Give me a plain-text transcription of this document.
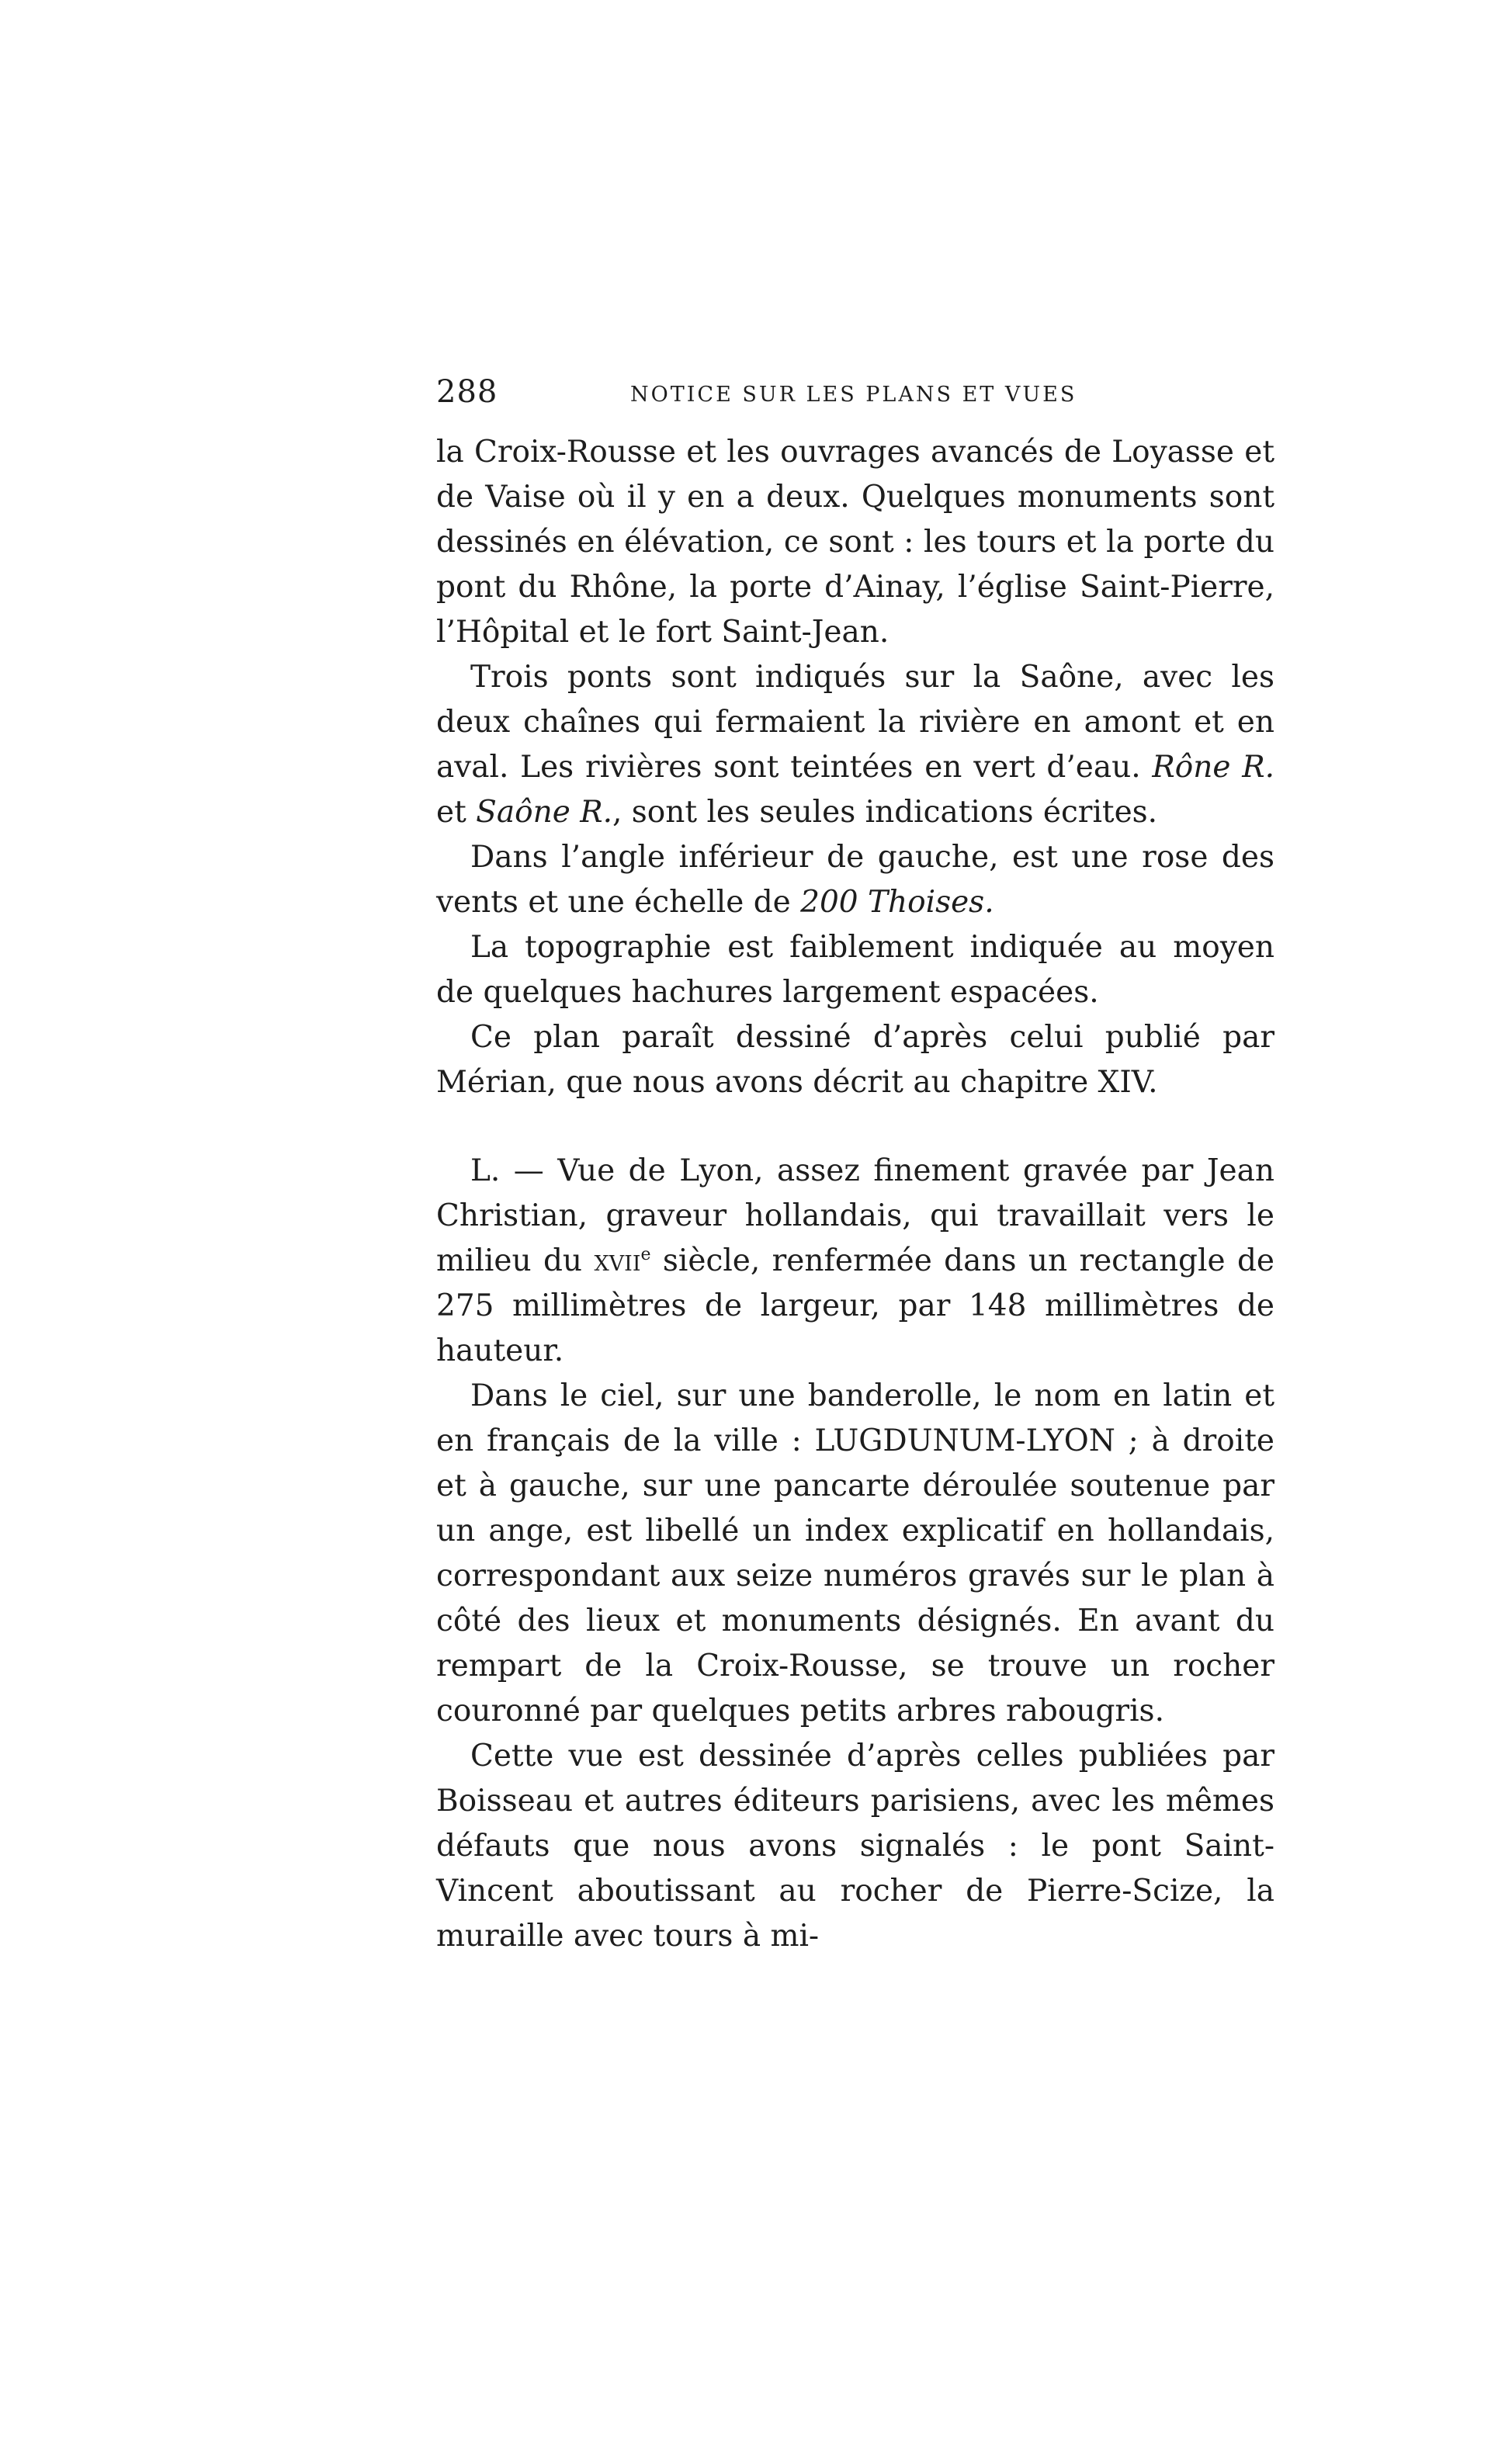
288	NOTICE SUR LES PLANS ET VUES

la Croix-Rousse et les ouvrages avancés de Loyasse et de Vaise où il y en a deux. Quelques monuments sont dessinés en élévation, ce sont : les tours et la porte du pont du Rhône, la porte d’Ainay, l’église Saint-Pierre, l’Hôpital et le fort Saint-Jean.

Trois ponts sont indiqués sur la Saône, avec les deux chaînes qui fermaient la rivière en amont et en aval. Les rivières sont teintées en vert d’eau. Rône R. et Saône R., sont les seules indications écrites.

Dans l’angle inférieur de gauche, est une rose des vents et une échelle de 200 Thoises.

La topographie est faiblement indiquée au moyen de quelques hachures largement espacées.

Ce plan paraît dessiné d’après celui publié par Mérian, que nous avons décrit au chapitre XIV.

L. — Vue de Lyon, assez finement gravée par Jean Christian, graveur hollandais, qui travaillait vers le milieu du xvii$^e$ siècle, renfermée dans un rectangle de 275 millimètres de largeur, par 148 millimètres de hauteur.

Dans le ciel, sur une banderolle, le nom en latin et en français de la ville : LUGDUNUM-LYON ; à droite et à gauche, sur une pancarte déroulée soutenue par un ange, est libellé un index explicatif en hollandais, correspondant aux seize numéros gravés sur le plan à côté des lieux et monuments désignés. En avant du rempart de la Croix-Rousse, se trouve un rocher couronné par quelques petits arbres rabougris.

Cette vue est dessinée d’après celles publiées par Boisseau et autres éditeurs parisiens, avec les mêmes défauts que nous avons signalés : le pont Saint-Vincent aboutissant au rocher de Pierre-Scize, la muraille avec tours à mi-
